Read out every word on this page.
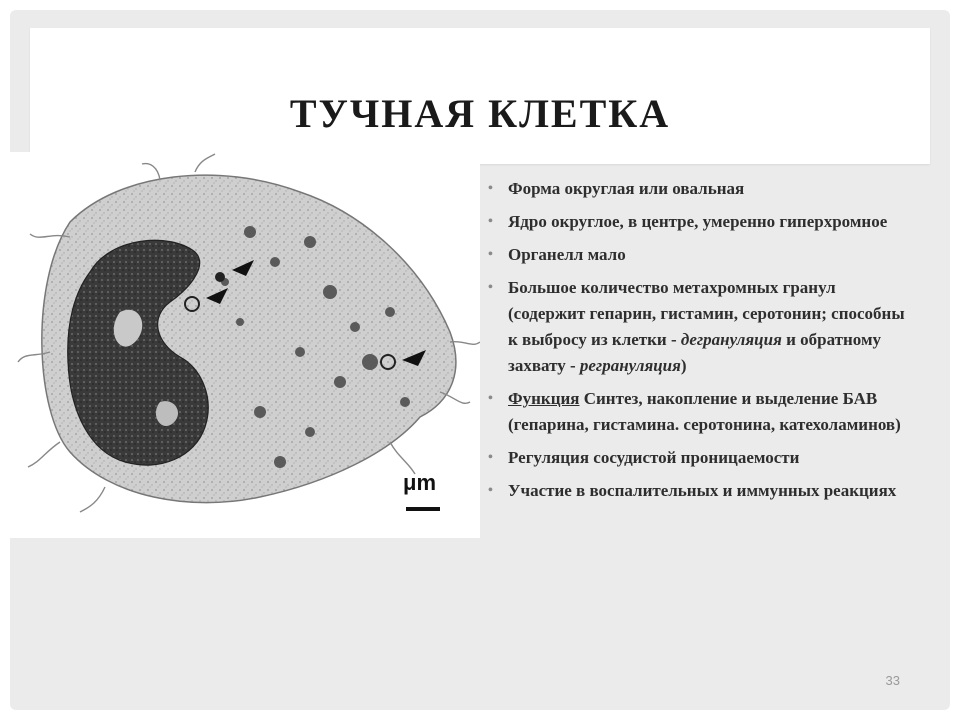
ТУЧНАЯ КЛЕТКА
μm
• Форма округлая или овальная
• Ядро округлое, в центре, умеренно гиперхромное
• Органелл мало
• Большое количество метахромных гранул (содержит гепарин, гистамин, серотонин; способны к выбросу из клетки - дегрануляция и обратному захвату - регрануляция)
• Функция Синтез, накопление и выделение БАВ (гепарина, гистамина. серотонина, катехоламинов)
• Регуляция сосудистой проницаемости
• Участие в воспалительных и иммунных реакциях
33
